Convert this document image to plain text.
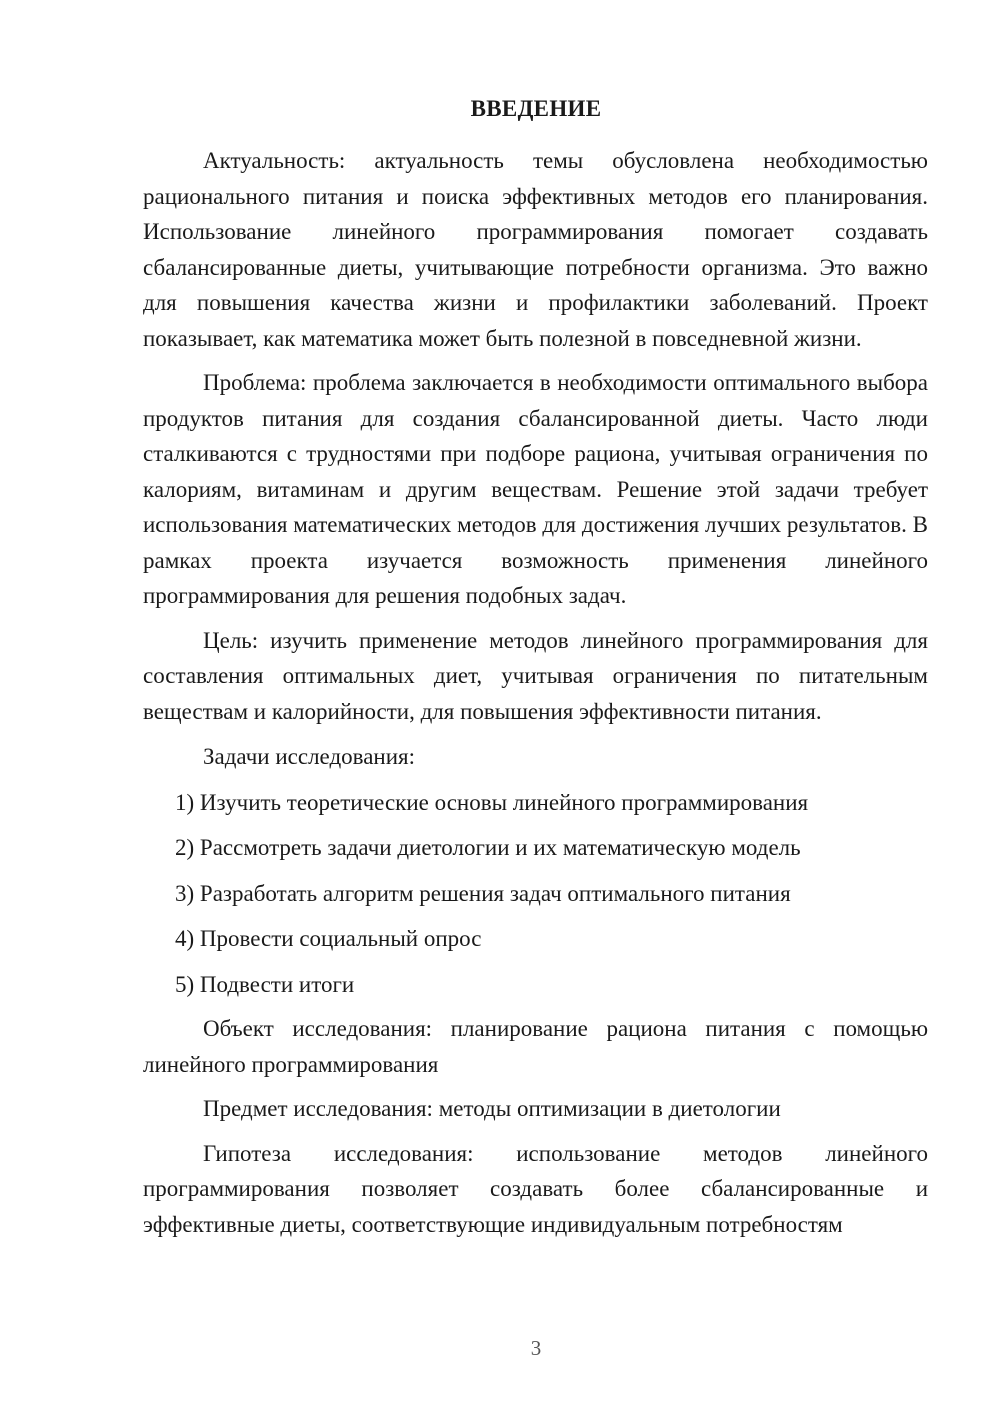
ВВЕДЕНИЕ

Актуальность: актуальность темы обусловлена необходимостью рационального питания и поиска эффективных методов его планирования. Использование линейного программирования помогает создавать сбалансированные диеты, учитывающие потребности организма. Это важно для повышения качества жизни и профилактики заболеваний. Проект показывает, как математика может быть полезной в повседневной жизни.

Проблема: проблема заключается в необходимости оптимального выбора продуктов питания для создания сбалансированной диеты. Часто люди сталкиваются с трудностями при подборе рациона, учитывая ограничения по калориям, витаминам и другим веществам. Решение этой задачи требует использования математических методов для достижения лучших результатов. В рамках проекта изучается возможность применения линейного программирования для решения подобных задач.

Цель: изучить применение методов линейного программирования для составления оптимальных диет, учитывая ограничения по питательным веществам и калорийности, для повышения эффективности питания.

Задачи исследования:

1) Изучить теоретические основы линейного программирования

2) Рассмотреть задачи диетологии и их математическую модель

3) Разработать алгоритм решения задач оптимального питания

4) Провести социальный опрос

5) Подвести итоги

Объект исследования: планирование рациона питания с помощью линейного программирования

Предмет исследования: методы оптимизации в диетологии

Гипотеза исследования: использование методов линейного программирования позволяет создавать более сбалансированные и эффективные диеты, соответствующие индивидуальным потребностям

3
